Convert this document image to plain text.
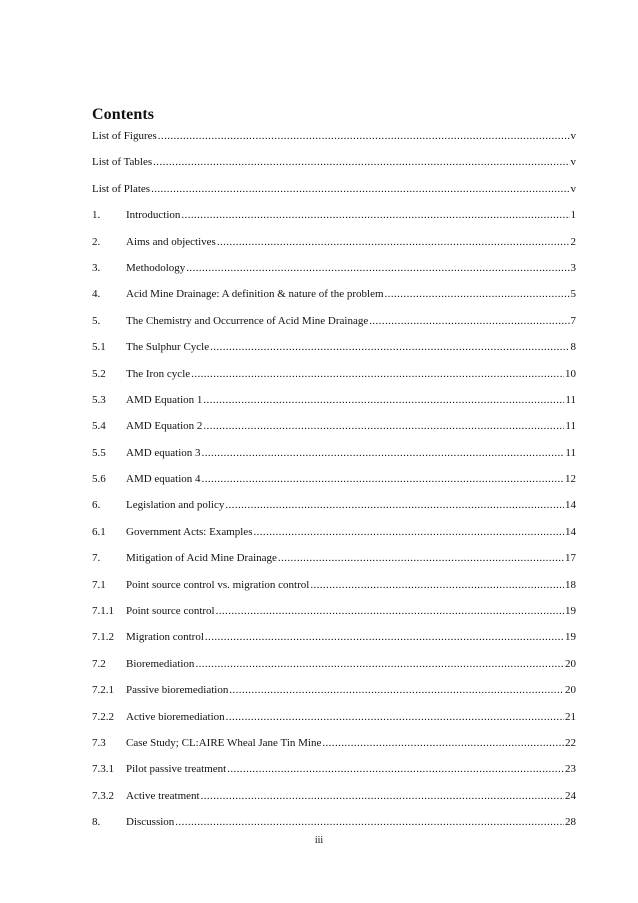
Contents
List of Figures .....	v
List of Tables .....	v
List of Plates .....	v
1.	Introduction .....	1
2.	Aims and objectives .....	2
3.	Methodology .....	3
4.	Acid Mine Drainage: A definition & nature of the problem .....	5
5.	The Chemistry and Occurrence of Acid Mine Drainage .....	7
5.1	The Sulphur Cycle .....	8
5.2	The Iron cycle .....	10
5.3	AMD Equation 1 .....	11
5.4	AMD Equation 2 .....	11
5.5	AMD equation 3 .....	11
5.6	AMD equation 4 .....	12
6.	Legislation and policy .....	14
6.1	Government Acts: Examples .....	14
7.	Mitigation of Acid Mine Drainage .....	17
7.1	Point source control vs. migration control .....	18
7.1.1	Point source control .....	19
7.1.2	Migration control .....	19
7.2	Bioremediation .....	20
7.2.1	Passive bioremediation .....	20
7.2.2	Active bioremediation .....	21
7.3	Case Study; CL:AIRE Wheal Jane Tin Mine .....	22
7.3.1	Pilot passive treatment .....	23
7.3.2	Active treatment .....	24
8.	Discussion .....	28
iii
